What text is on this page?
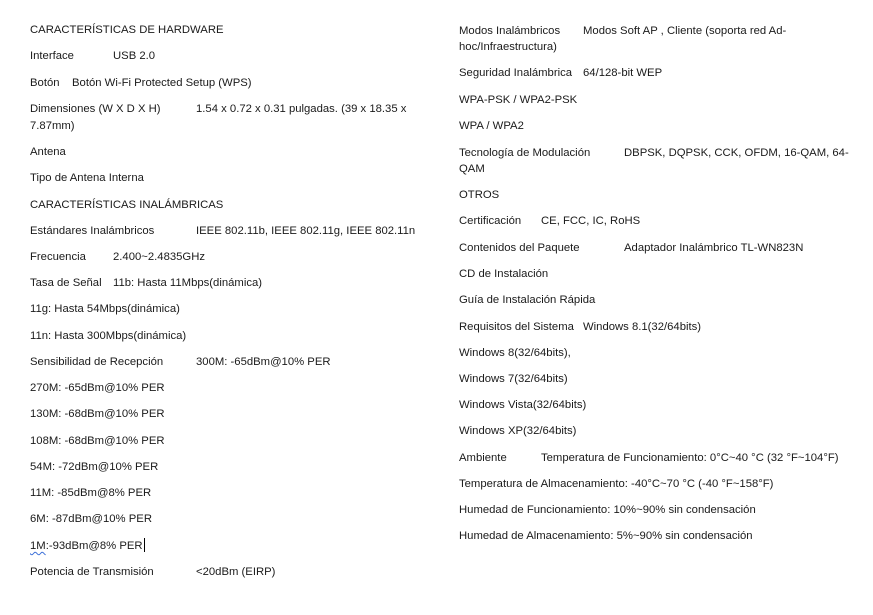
CARACTERÍSTICAS DE HARDWARE
Interface	USB 2.0
Botón Botón Wi-Fi Protected Setup (WPS)
Dimensiones (W X D X H)	1.54 x 0.72 x 0.31 pulgadas. (39 x 18.35 x
7.87mm)
Antena
Tipo de Antena Interna
CARACTERÍSTICAS INALÁMBRICAS
Estándares Inalámbricos	IEEE 802.11b, IEEE 802.11g, IEEE 802.11n
Frecuencia 2.400~2.4835GHz
Tasa de Señal 11b: Hasta 11Mbps(dinámica)
11g: Hasta 54Mbps(dinámica)
11n: Hasta 300Mbps(dinámica)
Sensibilidad de Recepción	300M: -65dBm@10% PER
270M: -65dBm@10% PER
130M: -68dBm@10% PER
108M: -68dBm@10% PER
54M: -72dBm@10% PER
11M: -85dBm@8% PER
6M: -87dBm@10% PER
1M:-93dBm@8% PER
Potencia de Transmisión	<20dBm (EIRP)
Modos Inalámbricos Modos Soft AP , Cliente (soporta red Ad-
hoc/Infraestructura)
Seguridad Inalámbrica 64/128-bit WEP
WPA-PSK / WPA2-PSK
WPA / WPA2
Tecnología de Modulación	DBPSK, DQPSK, CCK, OFDM, 16-QAM, 64-
QAM
OTROS
Certificación CE, FCC, IC, RoHS
Contenidos del Paquete	Adaptador Inalámbrico TL-WN823N
CD de Instalación
Guía de Instalación Rápida
Requisitos del Sistema Windows 8.1(32/64bits)
Windows 8(32/64bits),
Windows 7(32/64bits)
Windows Vista(32/64bits)
Windows XP(32/64bits)
Ambiente	Temperatura de Funcionamiento: 0°C~40 °C (32 °F~104°F)
Temperatura de Almacenamiento: -40°C~70 °C (-40 °F~158°F)
Humedad de Funcionamiento: 10%~90% sin condensación
Humedad de Almacenamiento: 5%~90% sin condensación
